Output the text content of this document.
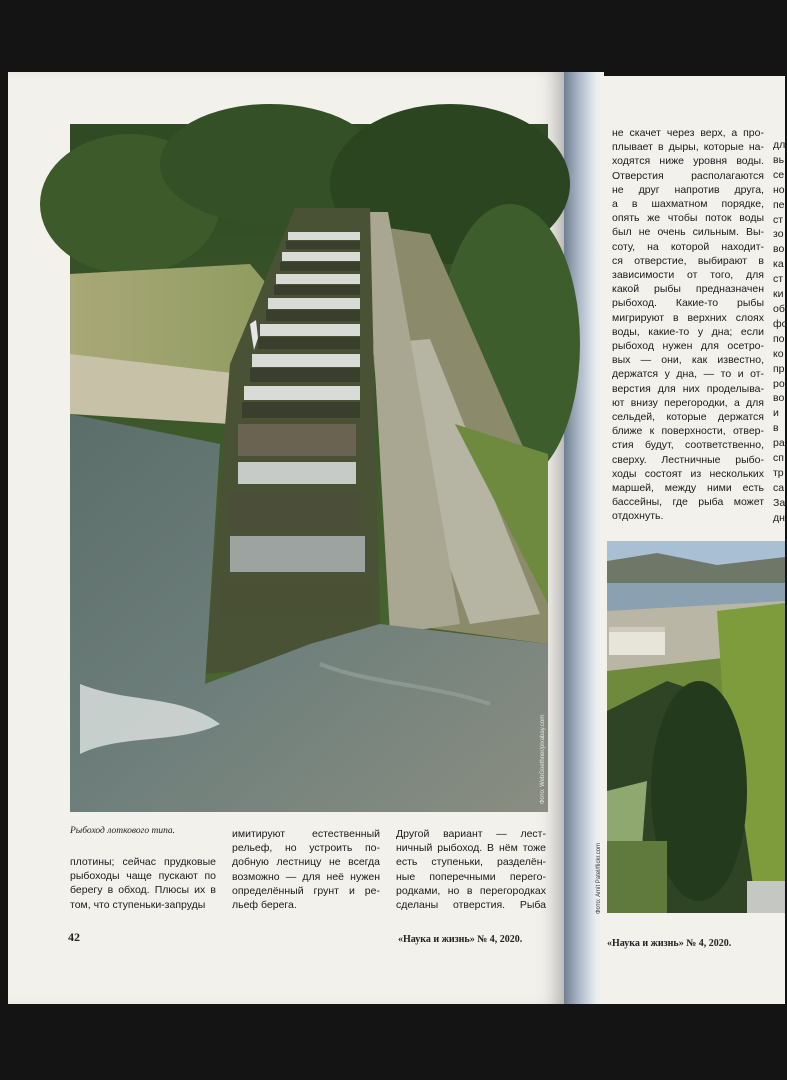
Фото: WebGoethner/pixabay.com
Рыбоход лоткового типа.
плотины; сейчас прудковые
рыбоходы чаще пускают по
берегу в обход. Плюсы их в
том, что ступеньки-запруды
имитируют естественный
рельеф, но устроить по-
добную лестницу не всегда
возможно — для неё нужен
определённый грунт и ре-
льеф берега.
Другой вариант — лест-
ничный рыбоход. В нём тоже
есть ступеньки, разделён-
ные поперечными перего-
родками, но в перегородках
сделаны отверстия. Рыба
42	«Наука и жизнь» № 4, 2020.
не скачет через верх, а про-
плывает в дыры, которые на-
ходятся ниже уровня воды.
Отверстия располагаются
не друг напротив друга,
а в шахматном порядке,
опять же чтобы поток воды
был не очень сильным. Вы-
соту, на которой находит-
ся отверстие, выбирают в
зависимости от того, для
какой рыбы предназначен
рыбоход. Какие-то рыбы
мигрируют в верхних слоях
воды, какие-то у дна; если
рыбоход нужен для осетро-
вых — они, как известно,
держатся у дна, — то и от-
верстия для них проделыва-
ют внизу перегородки, а для
сельдей, которые держатся
ближе к поверхности, отвер-
стия будут, соответственно,
сверху. Лестничные рыбо-
ходы состоят из нескольких
маршей, между ними есть
бассейны, где рыба может
отдохнуть.
дл
вь
се
но
пе
ст
зо
во
ка
ст
ки
об
фо
по
ко
пр
ро
во
и
в
ра
сп
тр
са
За
дн
Фото: Amit Patel/flickr.com
«Наука и жизнь» № 4, 2020.
